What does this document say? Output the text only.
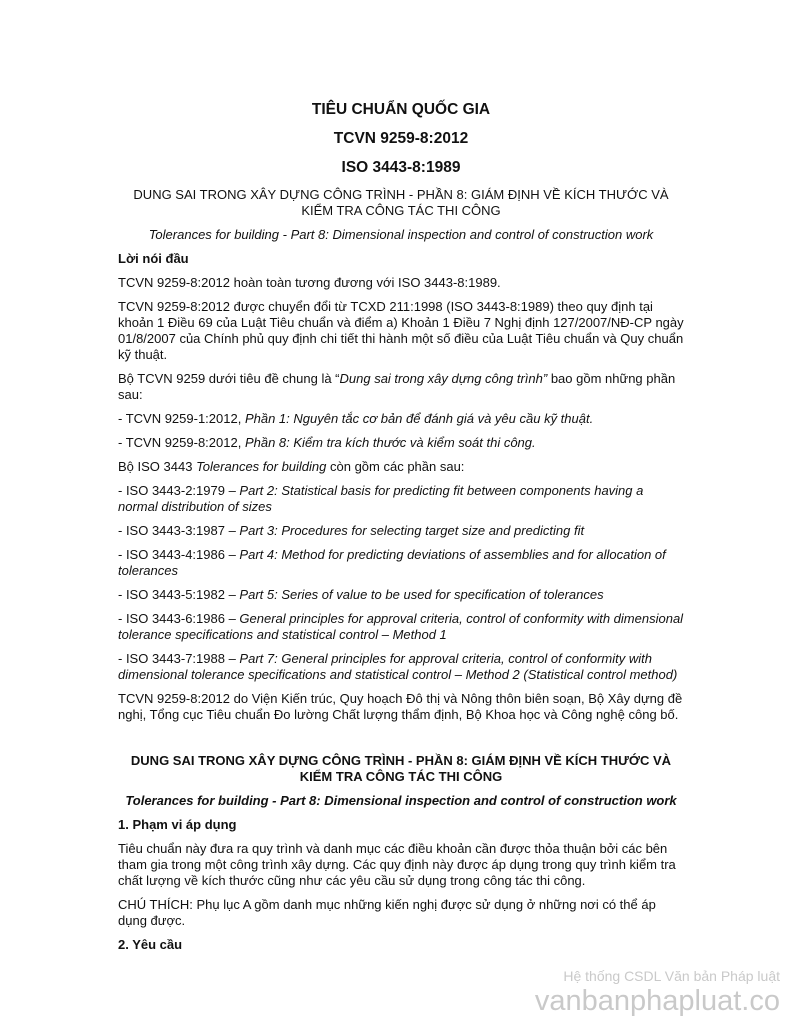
TIÊU CHUẨN QUỐC GIA
TCVN 9259-8:2012
ISO 3443-8:1989
DUNG SAI TRONG XÂY DỰNG CÔNG TRÌNH - PHẦN 8: GIÁM ĐỊNH VỀ KÍCH THƯỚC VÀ KIỂM TRA CÔNG TÁC THI CÔNG

Tolerances for building - Part 8: Dimensional inspection and control of construction work

Lời nói đầu

TCVN 9259-8:2012 hoàn toàn tương đương với ISO 3443-8:1989.

TCVN 9259-8:2012 được chuyển đổi từ TCXD 211:1998 (ISO 3443-8:1989) theo quy định tại khoản 1 Điều 69 của Luật Tiêu chuẩn và điểm a) Khoản 1 Điều 7 Nghị định 127/2007/NĐ-CP ngày 01/8/2007 của Chính phủ quy định chi tiết thi hành một số điều của Luật Tiêu chuẩn và Quy chuẩn kỹ thuật.

Bộ TCVN 9259 dưới tiêu đề chung là “Dung sai trong xây dựng công trình” bao gồm những phần sau:

- TCVN 9259-1:2012, Phần 1: Nguyên tắc cơ bản để đánh giá và yêu cầu kỹ thuật.

- TCVN 9259-8:2012, Phần 8: Kiểm tra kích thước và kiểm soát thi công.

Bộ ISO 3443 Tolerances for building còn gồm các phần sau:

- ISO 3443-2:1979 – Part 2: Statistical basis for predicting fit between components having a normal distribution of sizes

- ISO 3443-3:1987 – Part 3: Procedures for selecting target size and predicting fit

- ISO 3443-4:1986 – Part 4: Method for predicting deviations of assemblies and for allocation of tolerances

- ISO 3443-5:1982 – Part 5: Series of value to be used for specification of tolerances

- ISO 3443-6:1986 – General principles for approval criteria, control of conformity with dimensional tolerance specifications and statistical control – Method 1

- ISO 3443-7:1988 – Part 7: General principles for approval criteria, control of conformity with dimensional tolerance specifications and statistical control – Method 2 (Statistical control method)

TCVN 9259-8:2012 do Viện Kiến trúc, Quy hoạch Đô thị và Nông thôn biên soạn, Bộ Xây dựng đề nghị, Tổng cục Tiêu chuẩn Đo lường Chất lượng thẩm định, Bộ Khoa học và Công nghệ công bố.

DUNG SAI TRONG XÂY DỰNG CÔNG TRÌNH - PHẦN 8: GIÁM ĐỊNH VỀ KÍCH THƯỚC VÀ KIỂM TRA CÔNG TÁC THI CÔNG

Tolerances for building - Part 8: Dimensional inspection and control of construction work

1. Phạm vi áp dụng

Tiêu chuẩn này đưa ra quy trình và danh mục các điều khoản cần được thỏa thuận bởi các bên tham gia trong một công trình xây dựng. Các quy định này được áp dụng trong quy trình kiểm tra chất lượng về kích thước cũng như các yêu cầu sử dụng trong công tác thi công.

CHÚ THÍCH: Phụ lục A gồm danh mục những kiến nghị được sử dụng ở những nơi có thể áp dụng được.

2. Yêu cầu

Hệ thống CSDL Văn bản Pháp luật
vanbanphapluat.co
